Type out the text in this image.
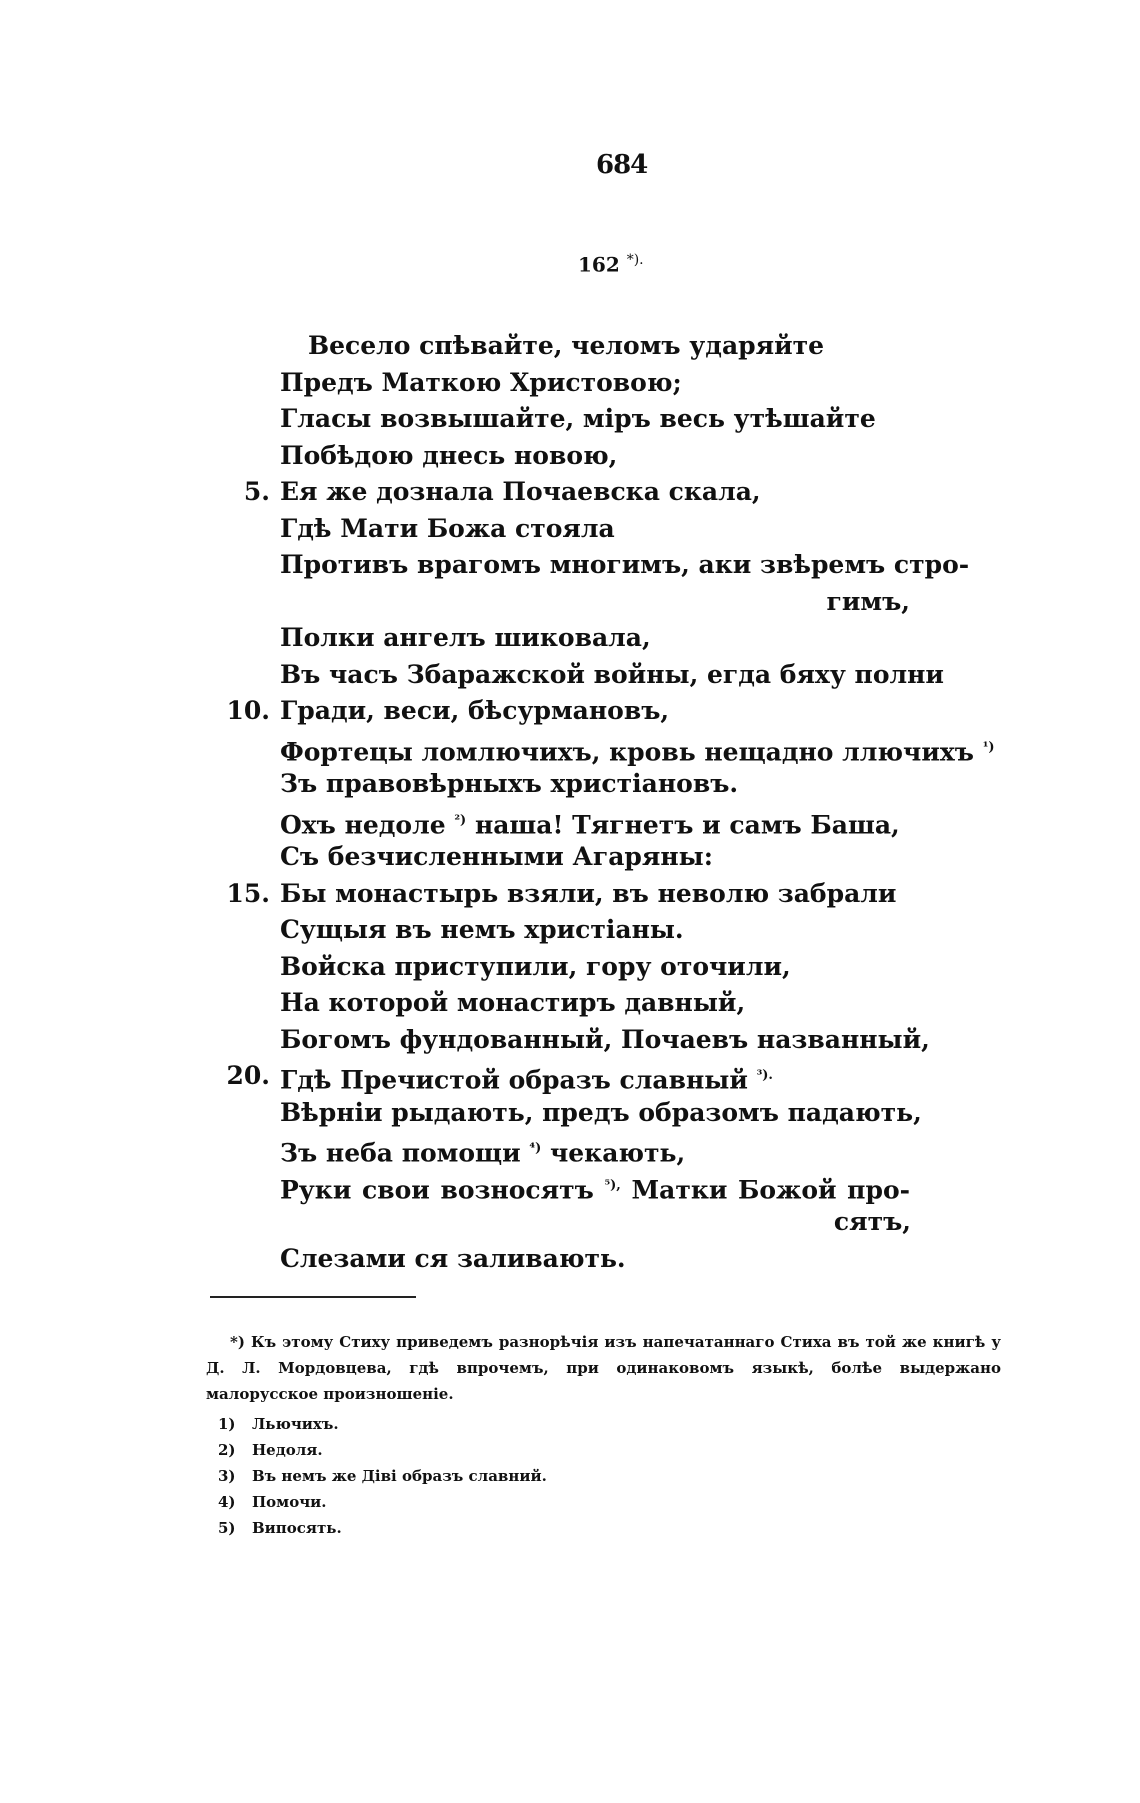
684
162 *).
Весело спѣвайте, челомъ ударяйте
Предъ Маткою Христовою;
Гласы возвышайте, міръ весь утѣшайте
Побѣдою днесь новою,
5. Ея же дознала Почаевска скала,
Гдѣ Мати Божа стояла
Противъ врагомъ многимъ, аки звѣремъ стро-
гимъ,
Полки ангелъ шиковала,
Въ часъ Збаражской войны, егда бяху полни
10. Гради, веси, бѣсурмановъ,
Фортецы ломлючихъ, кровь нещадно ллючихъ $^{^1)}$
Зъ правовѣрныхъ христіановъ.
Охъ недоле $^{^2)}$ наша! Тягнетъ и самъ Баша,
Съ безчисленными Агаряны:
15. Бы монастырь взяли, въ неволю забрали
Сущыя въ немъ христіаны.
Войска приступили, гору оточили,
На которой монастиръ давный,
Богомъ фундованный, Почаевъ названный,
20. Гдѣ Пречистой образъ славный $^{^3).}$
Вѣрніи рыдають, предъ образомъ падають,
Зъ неба помощи $^{^4)}$ чекають,
Руки свои возносятъ $^{^5),}$ Матки Божой про-
сятъ,
Слезами ся заливають.

*) Къ этому Стиху приведемъ разнорѣчія изъ напечатаннаго Стиха въ той же книгѣ у Д. Л. Мордовцева, гдѣ впрочемъ, при одинаковомъ языкѣ, болѣе выдержано малорусское произношеніе.

1) Льючихъ.
2) Недоля.
3) Въ немъ же Діві образъ славний.
4) Помочи.
5) Випосять.
